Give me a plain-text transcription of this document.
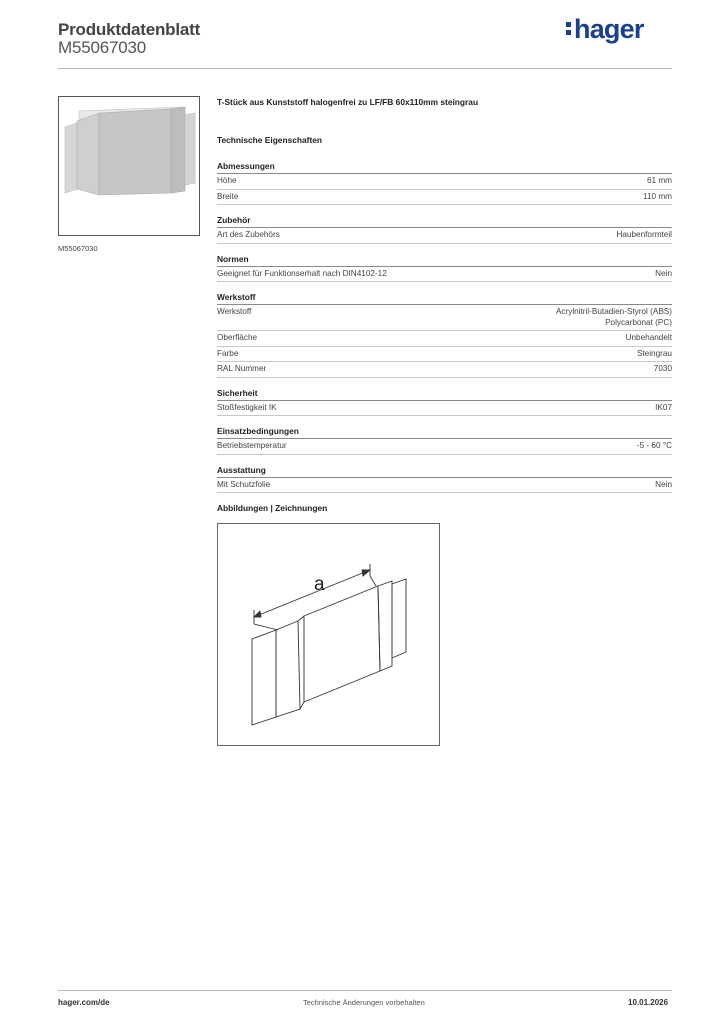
Produktdatenblatt
M55067030
hager
M55067030
T-Stück aus Kunststoff halogenfrei zu LF/FB 60x110mm steingrau
Technische Eigenschaften
Abmessungen
Höhe	61 mm
Breite	110 mm
Zubehör
Art des Zubehörs	Haubenformteil
Normen
Geeignet für Funktionserhalt nach DIN4102-12	Nein
Werkstoff
Werkstoff	Acrylnitril-Butadien-Styrol (ABS)
Polycarbonat (PC)
Oberfläche	Unbehandelt
Farbe	Steingrau
RAL Nummer	7030
Sicherheit
Stoßfestigkeit IK	IK07
Einsatzbedingungen
Betriebstemperatur	-5 - 60 °C
Ausstattung
Mit Schutzfolie	Nein
Abbildungen | Zeichnungen
a
hager.com/de	Technische Änderungen vorbehalten	10.01.2026
